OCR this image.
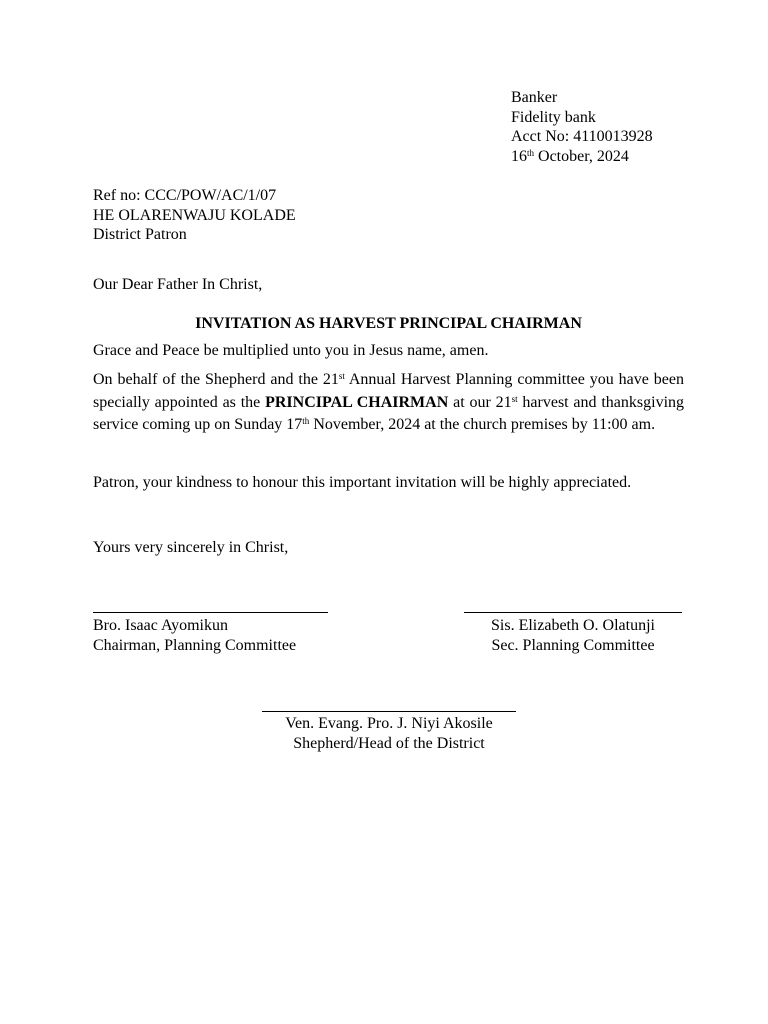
Banker
Fidelity bank
Acct No: 4110013928
16th October, 2024
Ref no: CCC/POW/AC/1/07
HE OLARENWAJU KOLADE
District Patron
Our Dear Father In Christ,
INVITATION AS HARVEST PRINCIPAL CHAIRMAN
Grace and Peace be multiplied unto you in Jesus name, amen.
On behalf of the Shepherd and the 21st Annual Harvest Planning committee you have been specially appointed as the PRINCIPAL CHAIRMAN at our 21st harvest and thanksgiving service coming up on Sunday 17th November, 2024 at the church premises by 11:00 am.
Patron, your kindness to honour this important invitation will be highly appreciated.
Yours very sincerely in Christ,
Bro. Isaac Ayomikun
Chairman, Planning Committee
Sis. Elizabeth O. Olatunji
Sec. Planning Committee
Ven. Evang. Pro. J. Niyi Akosile
Shepherd/Head of the District
